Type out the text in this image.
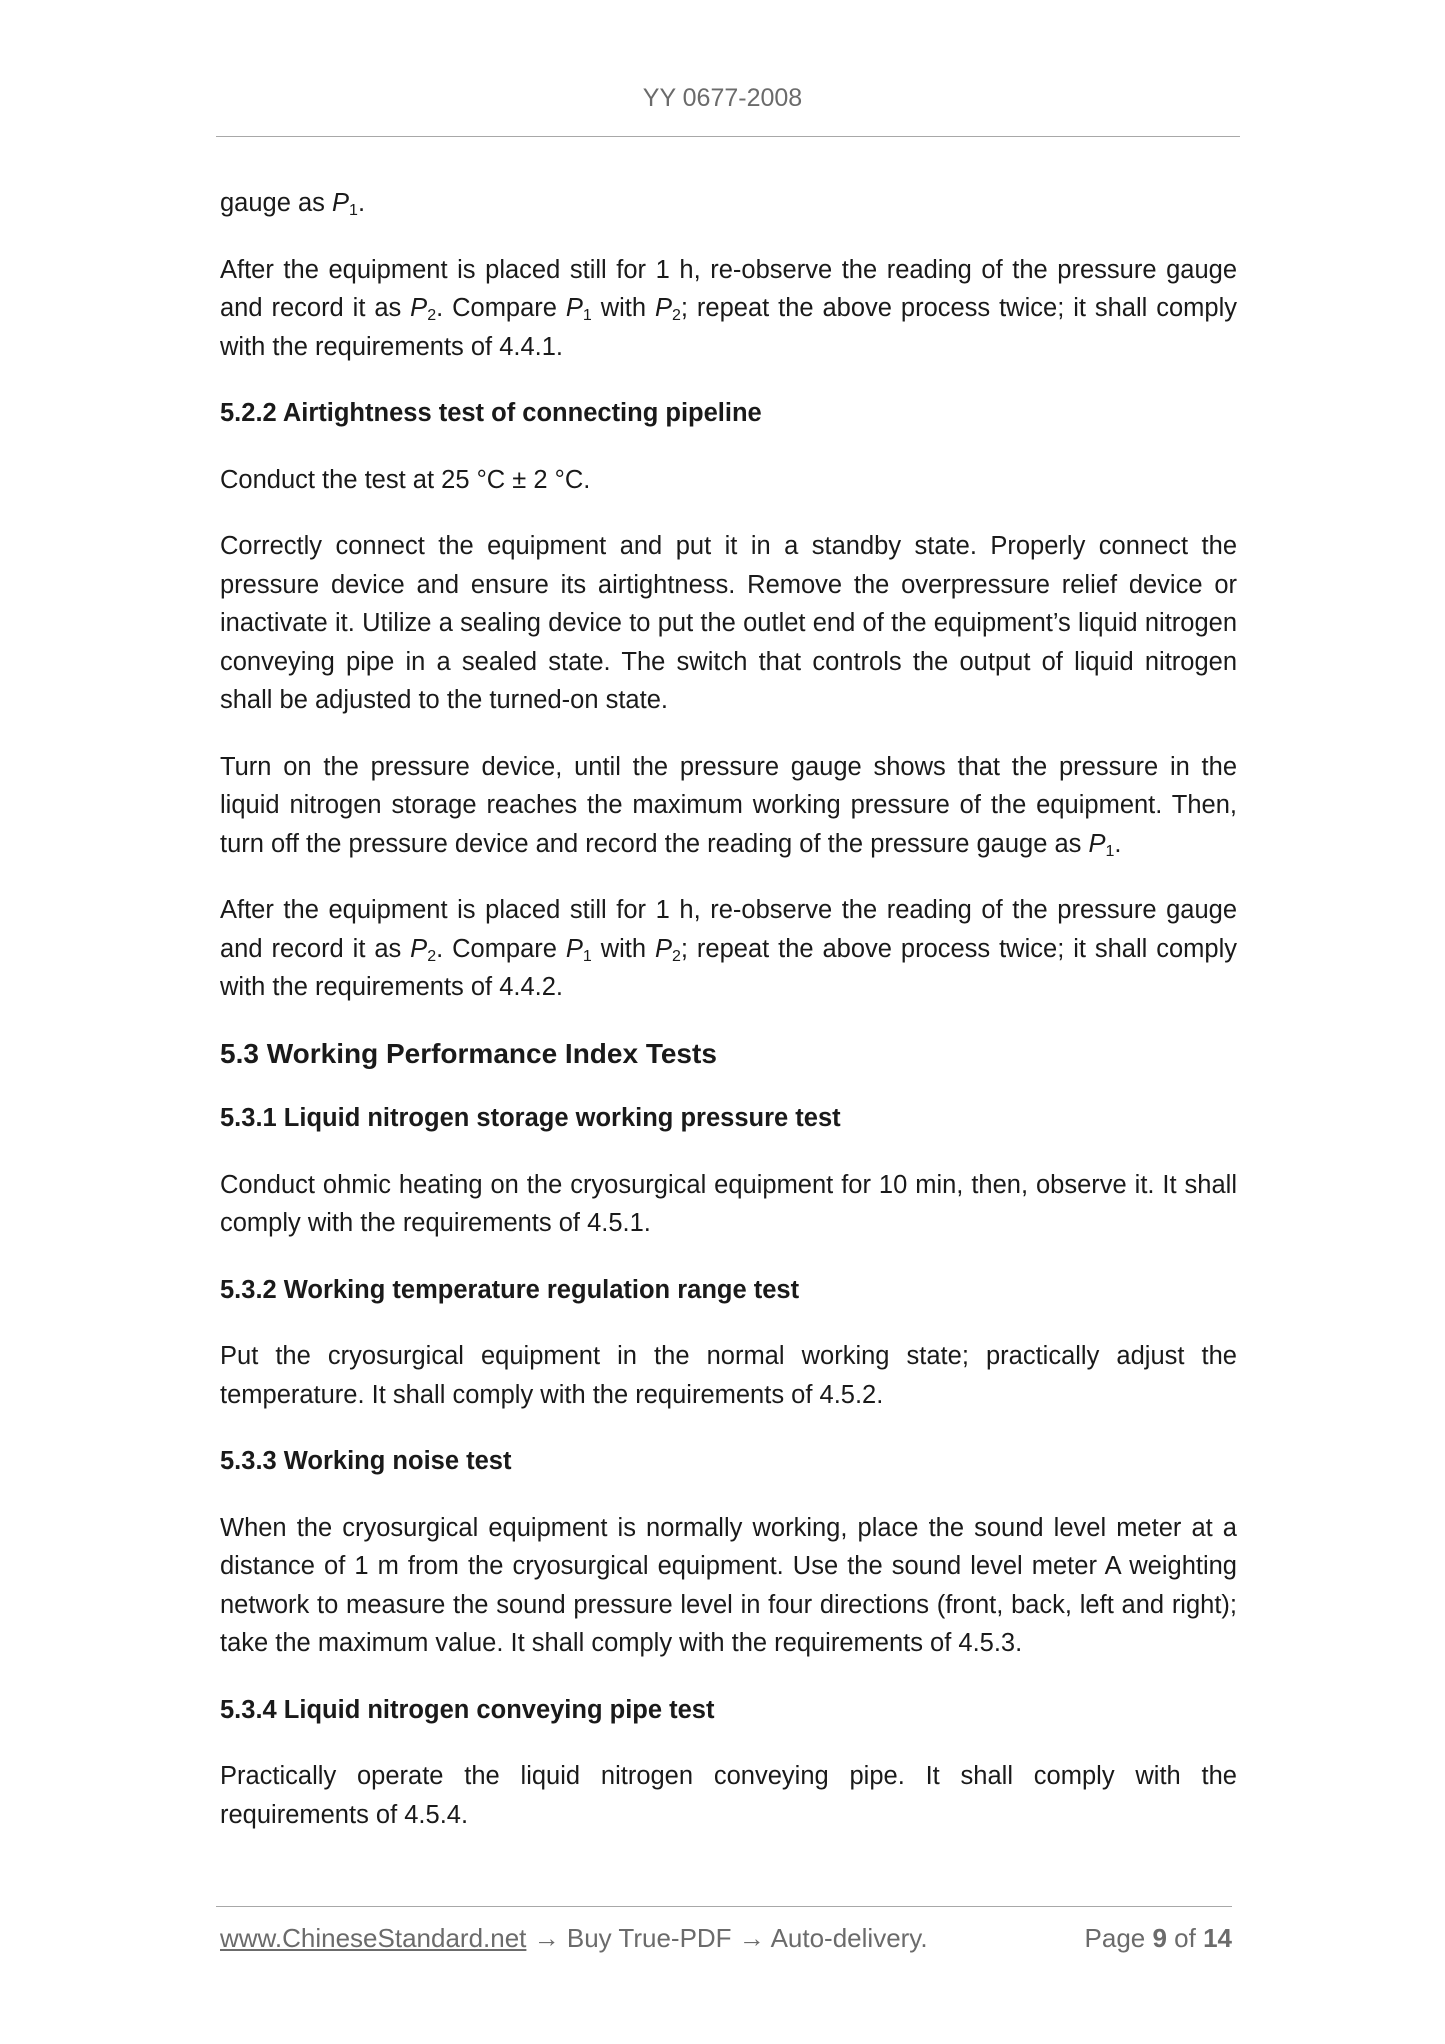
YY 0677-2008

gauge as $P_1$.

After the equipment is placed still for 1 h, re-observe the reading of the pressure gauge and record it as $P_2$. Compare $P_1$ with $P_2$; repeat the above process twice; it shall comply with the requirements of 4.4.1.

5.2.2 Airtightness test of connecting pipeline

Conduct the test at 25 °C ± 2 °C.

Correctly connect the equipment and put it in a standby state. Properly connect the pressure device and ensure its airtightness. Remove the overpressure relief device or inactivate it. Utilize a sealing device to put the outlet end of the equipment’s liquid nitrogen conveying pipe in a sealed state. The switch that controls the output of liquid nitrogen shall be adjusted to the turned-on state.

Turn on the pressure device, until the pressure gauge shows that the pressure in the liquid nitrogen storage reaches the maximum working pressure of the equipment. Then, turn off the pressure device and record the reading of the pressure gauge as $P_1$.

After the equipment is placed still for 1 h, re-observe the reading of the pressure gauge and record it as $P_2$. Compare $P_1$ with $P_2$; repeat the above process twice; it shall comply with the requirements of 4.4.2.

5.3 Working Performance Index Tests
5.3.1 Liquid nitrogen storage working pressure test

Conduct ohmic heating on the cryosurgical equipment for 10 min, then, observe it. It shall comply with the requirements of 4.5.1.

5.3.2 Working temperature regulation range test

Put the cryosurgical equipment in the normal working state; practically adjust the temperature. It shall comply with the requirements of 4.5.2.

5.3.3 Working noise test

When the cryosurgical equipment is normally working, place the sound level meter at a distance of 1 m from the cryosurgical equipment. Use the sound level meter A weighting network to measure the sound pressure level in four directions (front, back, left and right); take the maximum value. It shall comply with the requirements of 4.5.3.

5.3.4 Liquid nitrogen conveying pipe test

Practically operate the liquid nitrogen conveying pipe. It shall comply with the requirements of 4.5.4.

www.ChineseStandard.net → Buy True-PDF → Auto-delivery.	Page 9 of 14
